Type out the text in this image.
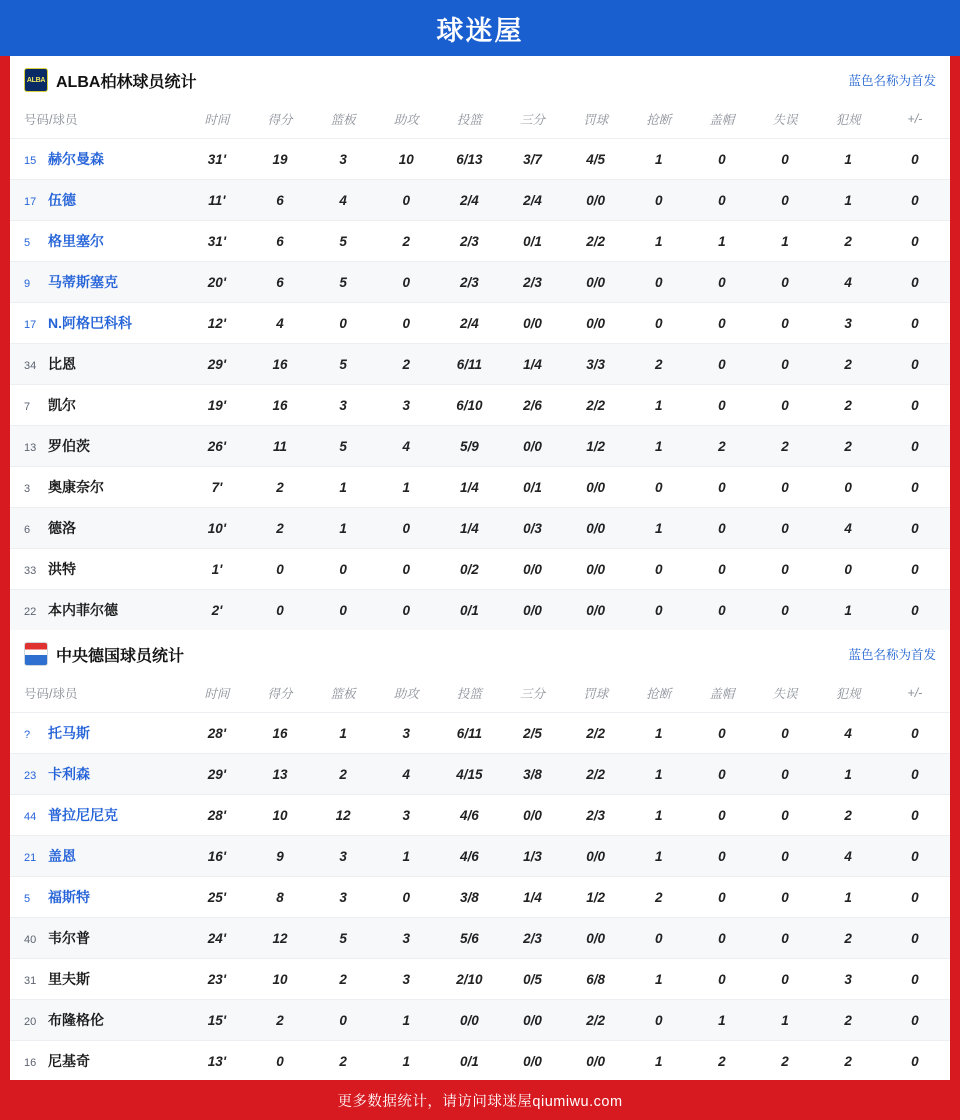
球迷屋
ALBA ALBA柏林球员统计	蓝色名称为首发
号码/球员	时间	得分	篮板	助攻	投篮	三分	罚球	抢断	盖帽	失误	犯规	+/-
15 赫尔曼森	31'	19	3	10	6/13	3/7	4/5	1	0	0	1	0
17 伍德	11'	6	4	0	2/4	2/4	0/0	0	0	0	1	0
5 格里塞尔	31'	6	5	2	2/3	0/1	2/2	1	1	1	2	0
9 马蒂斯塞克	20'	6	5	0	2/3	2/3	0/0	0	0	0	4	0
17 N.阿格巴科科	12'	4	0	0	2/4	0/0	0/0	0	0	0	3	0
34 比恩	29'	16	5	2	6/11	1/4	3/3	2	0	0	2	0
7 凯尔	19'	16	3	3	6/10	2/6	2/2	1	0	0	2	0
13 罗伯茨	26'	11	5	4	5/9	0/0	1/2	1	2	2	2	0
3 奥康奈尔	7'	2	1	1	1/4	0/1	0/0	0	0	0	0	0
6 德洛	10'	2	1	0	1/4	0/3	0/0	1	0	0	4	0
33 洪特	1'	0	0	0	0/2	0/0	0/0	0	0	0	0	0
22 本内菲尔德	2'	0	0	0	0/1	0/0	0/0	0	0	0	1	0
中央德国球员统计	蓝色名称为首发
号码/球员	时间	得分	篮板	助攻	投篮	三分	罚球	抢断	盖帽	失误	犯规	+/-
? 托马斯	28'	16	1	3	6/11	2/5	2/2	1	0	0	4	0
23 卡利森	29'	13	2	4	4/15	3/8	2/2	1	0	0	1	0
44 普拉尼尼克	28'	10	12	3	4/6	0/0	2/3	1	0	0	2	0
21 盖恩	16'	9	3	1	4/6	1/3	0/0	1	0	0	4	0
5 福斯特	25'	8	3	0	3/8	1/4	1/2	2	0	0	1	0
40 韦尔普	24'	12	5	3	5/6	2/3	0/0	0	0	0	2	0
31 里夫斯	23'	10	2	3	2/10	0/5	6/8	1	0	0	3	0
20 布隆格伦	15'	2	0	1	0/0	0/0	2/2	0	1	1	2	0
16 尼基奇	13'	0	2	1	0/1	0/0	0/0	1	2	2	2	0
更多数据统计，请访问球迷屋qiumiwu.com
